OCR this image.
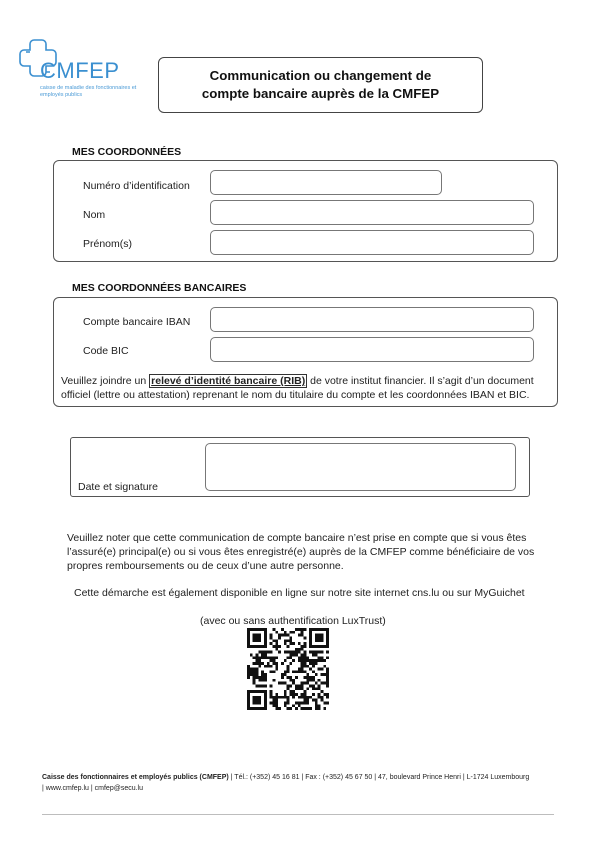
CMFEP
caisse de maladie des fonctionnaires et employés publics
Communication ou changement de
compte bancaire auprès de la CMFEP
MES COORDONNÉES
Numéro d’identification
Nom
Prénom(s)
MES COORDONNÉES BANCAIRES
Compte bancaire IBAN
Code BIC
Veuillez joindre un relevé d’identité bancaire (RIB) de votre institut financier. Il s’agit d’un document officiel (lettre ou attestation) reprenant le nom du titulaire du compte et les coordonnées IBAN et BIC.
Date et signature
Veuillez noter que cette communication de compte bancaire n’est prise en compte que si vous êtes l’assuré(e) principal(e) ou si vous êtes enregistré(e) auprès de la CMFEP comme bénéficiaire de vos propres remboursements ou de ceux d’une autre personne.
Cette démarche est également disponible en ligne sur notre site internet cns.lu ou sur MyGuichet
(avec ou sans authentification LuxTrust)
Caisse des fonctionnaires et employés publics (CMFEP) | Tél.: (+352) 45 16 81 | Fax : (+352) 45 67 50 | 47, boulevard Prince Henri | L-1724 Luxembourg
| www.cmfep.lu | cmfep@secu.lu
